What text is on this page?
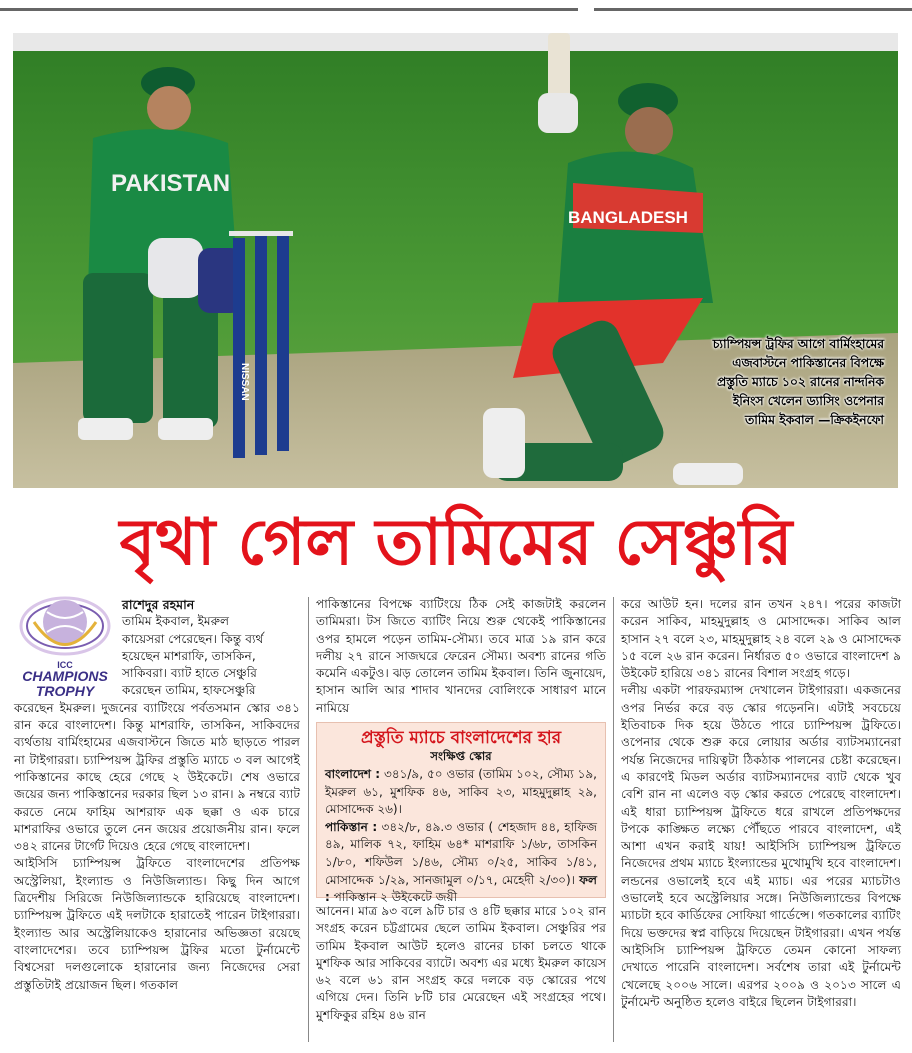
PAKISTAN
NISSAN
BANGLADESH
চ্যাম্পিয়ন্স ট্রফির আগে বার্মিংহামের
এজবাস্টনে পাকিস্তানের বিপক্ষে
প্রস্তুতি ম্যাচে ১০২ রানের নান্দনিক
ইনিংস খেলেন ড্যাসিং ওপেনার
তামিম ইকবাল —ক্রিকইনফো
বৃথা গেল তামিমের সেঞ্চুরি
ICC
CHAMPIONS
TROPHY
রাশেদুর রহমান

তামিম ইকবাল, ইমরুল

কায়েসরা পেরেছেন। কিন্তু ব্যর্থ

হয়েছেন মাশরাফি, তাসকিন,

সাকিবরা। ব্যাট হাতে সেঞ্চুরি

করেছেন তামিম, হাফসেঞ্চুরি

করেছেন ইমরুল। দুজনের ব্যাটিংয়ে পর্বতসমান স্কোর ৩৪১ রান করে বাংলাদেশ। কিন্তু মাশরাফি, তাসকিন, সাকিবদের ব্যর্থতায় বার্মিংহামের এজবাস্টনে জিতে মাঠ ছাড়তে পারল না টাইগাররা। চ্যাম্পিয়ন্স ট্রফির প্রস্তুতি ম্যাচে ৩ বল আগেই পাকিস্তানের কাছে হেরে গেছে ২ উইকেটে। শেষ ওভারে জয়ের জন্য পাকিস্তানের দরকার ছিল ১৩ রান। ৯ নম্বরে ব্যাট করতে নেমে ফাহিম আশরাফ এক ছক্কা ও এক চারে মাশরাফির ওভারে তুলে নেন জয়ের প্রয়োজনীয় রান। ফলে ৩৪২ রানের টার্গেট দিয়েও হেরে গেছে বাংলাদেশ।

আইসিসি চ্যাম্পিয়ন্স ট্রফিতে বাংলাদেশের প্রতিপক্ষ অস্ট্রেলিয়া, ইংল্যান্ড ও নিউজিল্যান্ড। কিছু দিন আগে ত্রিদেশীয় সিরিজে নিউজিল্যান্ডকে হারিয়েছে বাংলাদেশ। চ্যাম্পিয়ন্স ট্রফিতে এই দলটাকে হারাতেই পারেন টাইগাররা। ইংল্যান্ড আর অস্ট্রেলিয়াকেও হারানোর অভিজ্ঞতা রয়েছে বাংলাদেশের। তবে চ্যাম্পিয়ন্স ট্রফির মতো টুর্নামেন্টে বিশ্বসেরা দলগুলোকে হারানোর জন্য নিজেদের সেরা প্রস্তুতিটাই প্রয়োজন ছিল। গতকাল

পাকিস্তানের বিপক্ষে ব্যাটিংয়ে ঠিক সেই কাজটাই করলেন তামিমরা। টস জিতে ব্যাটিং নিয়ে শুরু থেকেই পাকিস্তানের ওপর হামলে পড়েন তামিম-সৌম্য। তবে মাত্র ১৯ রান করে দলীয় ২৭ রানে সাজঘরে ফেরেন সৌম্য। অবশ্য রানের গতি কমেনি একটুও। ঝড় তোলেন তামিম ইকবাল। তিনি জুনায়েদ, হাসান আলি আর শাদাব খানদের বোলিংকে সাধারণ মানে নামিয়ে

প্রস্তুতি ম্যাচে বাংলাদেশের হার
সংক্ষিপ্ত স্কোর

বাংলাদেশ : ৩৪১/৯, ৫০ ওভার (তামিম ১০২, সৌম্য ১৯, ইমরুল ৬১, মুশফিক ৪৬, সাকিব ২৩, মাহমুদুল্লাহ ২৯, মোসাদ্দেক ২৬)।

পাকিস্তান : ৩৪২/৮, ৪৯.৩ ওভার ( শেহজাদ ৪৪, হাফিজ ৪৯, মালিক ৭২, ফাহিম ৬৪* মাশরাফি ১/৬৮, তাসকিন ১/৮০, শফিউল ১/৪৬, সৌম্য ০/২৫, সাকিব ১/৪১, মোসাদ্দেক ১/২৯, সানজামুল ০/১৭, মেহেদী ২/৩০)। ফল : পাকিস্তান ২ উইকেটে জয়ী

আনেন। মাত্র ৯৩ বলে ৯টি চার ও ৪টি ছক্কার মারে ১০২ রান সংগ্রহ করেন চট্টগ্রামের ছেলে তামিম ইকবাল। সেঞ্চুরির পর তামিম ইকবাল আউট হলেও রানের চাকা চলতে থাকে মুশফিক আর সাকিবের ব্যাটে। অবশ্য এর মধ্যে ইমরুল কায়েস ৬২ বলে ৬১ রান সংগ্রহ করে দলকে বড় স্কোরের পথে এগিয়ে দেন। তিনি ৮টি চার মেরেছেন এই সংগ্রহের পথে। মুশফিকুর রহিম ৪৬ রান

করে আউট হন। দলের রান তখন ২৪৭। পরের কাজটা করেন সাকিব, মাহমুদুল্লাহ ও মোসাদ্দেক। সাকিব আল হাসান ২৭ বলে ২৩, মাহমুদুল্লাহ ২৪ বলে ২৯ ও মোসাদ্দেক ১৫ বলে ২৬ রান করেন। নির্ধারত ৫০ ওভারে বাংলাদেশ ৯ উইকেট হারিয়ে ৩৪১ রানের বিশাল সংগ্রহ গড়ে।

দলীয় একটা পারফরম্যান্স দেখালেন টাইগাররা। একজনের ওপর নির্ভর করে বড় স্কোর গড়েননি। এটাই সবচেয়ে ইতিবাচক দিক হয়ে উঠতে পারে চ্যাম্পিয়ন্স ট্রফিতে। ওপেনার থেকে শুরু করে লোয়ার অর্ডার ব্যাটসম্যানেরা পর্যন্ত নিজেদের দায়িত্বটা ঠিকঠাক পালনের চেষ্টা করেছেন। এ কারণেই মিডল অর্ডার ব্যাটসম্যানদের ব্যাট থেকে খুব বেশি রান না এলেও বড় স্কোর করতে পেরেছে বাংলাদেশ। এই ধারা চ্যাম্পিয়ন্স ট্রফিতে ধরে রাখলে প্রতিপক্ষদের টপকে কাঙ্ক্ষিত লক্ষ্যে পৌঁছতে পারবে বাংলাদেশ, এই আশা এখন করাই যায়! আইসিসি চ্যাম্পিয়ন্স ট্রফিতে নিজেদের প্রথম ম্যাচে ইংল্যান্ডের মুখোমুখি হবে বাংলাদেশ। লন্ডনের ওভালেই হবে এই ম্যাচ। এর পরের ম্যাচটাও ওভালেই হবে অস্ট্রেলিয়ার সঙ্গে। নিউজিল্যান্ডের বিপক্ষে ম্যাচটা হবে কার্ডিফের সোফিয়া গার্ডেন্সে। গতকালের ব্যাটিং দিয়ে ভক্তদের স্বপ্ন বাড়িয়ে দিয়েছেন টাইগাররা। এখন পর্যন্ত আইসিসি চ্যাম্পিয়ন্স ট্রফিতে তেমন কোনো সাফল্য দেখাতে পারেনি বাংলাদেশ। সর্বশেষ তারা এই টুর্নামেন্ট খেলেছে ২০০৬ সালে। এরপর ২০০৯ ও ২০১৩ সালে এ টুর্নামেন্ট অনুষ্ঠিত হলেও বাইরে ছিলেন টাইগাররা।
